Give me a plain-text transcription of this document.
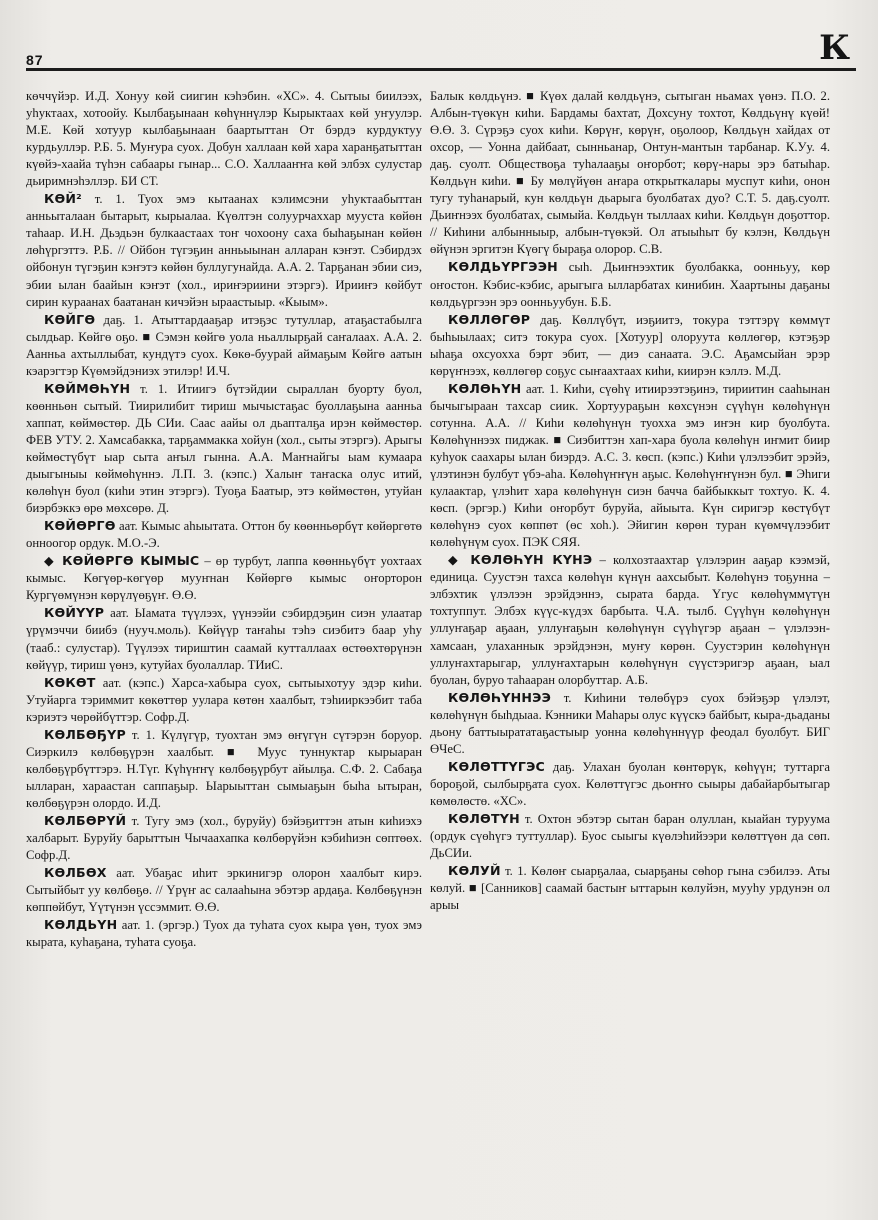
87	К

көччүйэр. И.Д. Хонуу көй сиигин кэһэбин. «ХС». 4. Сытыы биилээх, уһуктаах, хотоойу. Кылбаҕынаан көһүннүлэр Кырыктаах көй уҥуулэр. М.Е. Көй хотуур кылбаҕынаан баартыттан От бэрдэ курдуктуу курдьуллэр. Р.Б. 5. Муҥура суох. Добун халлаан көй хара харанҕатыттан күөйэ-хаайа түһэн сабаары гынар... С.О. Халлааҥҥа көй элбэх сулустар дьиримнэһэллэр. БИ СТ.

КӨЙ² т. 1. Туох эмэ кытаанах кэлимсэни уһуктаабыттан анньыталаан бытарыт, кырыалаа. Күөлтэн солуурчаххар мууста көйөн таһаар. И.Н. Дьэдьэн булкаастаах тоҥ чохоону саха быһаҕынан көйөн лөһүргэттэ. Р.Б. // Ойбон түгэҕин анньыынан алларан кэҥэт. Сэбирдэх ойбонун түгэҕин кэҥэтэ көйөн буллугунайда. А.А. 2. Тарҕанан эбии сиэ, эбии ылан баайын кэҥэт (хол., ириҥэриини этэргэ). Ирииҥэ көйбут сирин кураанах баатанан кичэйэн ыраастыыр. «Кыым».

КӨЙГӨ даҕ. 1. Атыттардааҕар итэҕэс тутуллар, атаҕастабылга сылдьар. Көйгө оҕо. ■ Сэмэн көйгө уола ньаллырҕай саҥалаах. А.А. 2. Аанньа ахтыллыбат, кундүтэ суох. Көкө-буурай аймаҕым Көйгө аатын кэарэгтэр Күөмэйдэниэх этилэр! И.Ч.

КӨЙМӨҺҮН т. 1. Итиигэ бүтэйдии сыраллан буорту буол, көөнньөн сытый. Тиирилибит тириш мычыстаҕас буоллаҕына аанньа хаппат, көймөстөр. ДЬ СИи. Саас аайы ол дьапталҕа ирэн көймөстөр. ФЕВ УТУ. 2. Хамсабакка, тарҕаммакка хойун (хол., сыты этэргэ). Арыгы көймөстүбүт ыар сыта аҥыл гынна. А.А. Маҥнайгы ыам кумаара дыыгыныы көймөһүннэ. Л.П. 3. (кэпс.) Халыҥ таҥаска олус итий, көлөһүн буол (киһи этин этэргэ). Туоҕа Баатыр, этэ көймөстөн, утуйан биэрбэккэ өрө мөхсөрө. Д.

КӨЙӨРГӨ аат. Кымыс аһыытата. Оттон бу көөнньөрбүт көйөргөтө онноогор ордук. М.О.-Э.

◆ КӨЙӨРГӨ КЫМЫС – өр турбут, лаппа көөнньүбүт уохтаах кымыс. Көгүөр-көгүөр мууҥнан Көйөргө кымыс оҥорторон Кургүөмүнэн көрүлүөҕүҥ. Ө.Ө.

КӨЙҮҮР аат. Ыамата түүлээх, үүнээйи сэбирдэҕин сиэн улаатар үрүмэччи биибэ (нууч.моль). Көйүүр таҥаһы тэһэ сиэбитэ баар уһу (тааб.: сулустар). Түүлээх тириштин саамай кутталлаах өстөөхтөрүнэн көйүүр, тириш үөнэ, кутуйах буолаллар. ТИиС.

КӨКӨТ аат. (кэпс.) Харса-хабыра суох, сытыыхотуу эдэр киһи. Утуйарга тэриммит көкөттөр уулара көтөн хаалбыт, тэһииркээбит таба кэриэтэ чөрөйбүттэр. Софр.Д.

КӨЛБӨҔҮР т. 1. Күлүгүр, туохтан эмэ өҥүгүн сүтэрэн боруор. Сиэркилэ көлбөҕүрэн хаалбыт. ■ Муус туннуктар кырыаран көлбөҕүрбүттэрэ. Н.Түг. Күһүҥҥү көлбөҕүрбут айылҕа. С.Ф. 2. Сабаҕа ылларан, хараастан саппаҕыр. Ыарыыттан сымыаҕын быһа ытыран, көлбөҕүрэн олордо. И.Д.

КӨЛБӨРҮЙ т. Тугу эмэ (хол., буруйу) бэйэҕиттэн атын киһиэхэ халбарыт. Буруйу барыттын Чычаахапка көлбөрүйэн кэбиһиэн сөптөөх. Софр.Д.

КӨЛБӨХ аат. Убаҕас иһит эркинигэр олорон хаалбыт кирэ. Сытыйбыт уу көлбөҕө. // Үрүҥ ас салааһына эбэтэр ардаҕа. Көлбөҕүнэн көппөйбут, Үүтүнэн үссэммит. Ө.Ө.

КӨЛДЬҮН аат. 1. (эргэр.) Туох да туһата суох кыра үөн, туох эмэ кырата, куһаҕана, туһата суоҕа.

Балык көлдьүнэ. ■ Күөх далай көлдьүнэ, сытыган ньамах үөнэ. П.О. 2. Албын-түөкүн киһи. Бардамы бахтат, Дохсуну тохтот, Көлдьүнү күөй! Ө.Ө. 3. Сүрэҕэ суох киһи. Көрүҥ, көрүҥ, оҕолоор, Көлдьүн хайдах от охсор, — Уонна дайбаат, сынньанар, Онтун-мантын тарбанар. К.Уу. 4. даҕ. суолт. Обществоҕа туһалааҕы оҥорбот; көрү-нары эрэ батыһар. Көлдьүн киһи. ■ Бу мөлүйүөн аҥара открыткалары муспут киһи, онон тугу туһанарый, кун көлдьүн дьарыга буолбатах дуо? С.Т. 5. даҕ.суолт. Дьиҥнээх буолбатах, сымыйа. Көлдьүн тыллаах киһи. Көлдьүн доҕоттор. // Киһини албынныыр, албын-түөкэй. Ол атыыһыт бу кэлэн, Көлдьүн өйүнэн эргитэн Күөгү быраҕа олорор. С.В.

КӨЛДЬҮРГЭЭН сыһ. Дьиҥнээхтик буолбакка, оонньуу, көр оҥостон. Кэбис-кэбис, арыгыга ылларбатах кинибин. Хаартыны даҕаны көлдьүргээн эрэ оонньуубун. Б.Б.

КӨЛЛӨГӨР даҕ. Көллүбүт, иэҕиитэ, токура тэттэрү көммүт быһыылаах; ситэ токура суох. [Хотуур] олоруута көллөгөр, кэтэҕэр ыһаҕа охсуохха бэрт эбит, — диэ санаата. Э.С. Аҕамсыйан эрэр көрүҥнээх, көллөгөр соҕус сыҥаахтаах киһи, киирэн кэллэ. М.Д.

КӨЛӨҺҮН аат. 1. Киһи, сүөһү итиирээтэҕинэ, тириитин сааһынан бычыгыраан тахсар сиик. Хортуураҕын көхсүнэн сүүһүн көлөһүнүн сотунна. А.А. // Киһи көлөһүнүн туохха эмэ иҥэн кир буолбута. Көлөһүннээх пиджак. ■ Сиэбиттэн хап-хара буола көлөһүн иҥмит биир куһуок саахары ылан биэрдэ. А.С. 3. көсп. (кэпс.) Киһи үлэлээбит эрэйэ, үлэтинэн булбут үбэ-аһа. Көлөһүҥҥүн аҕыс. Көлөһүҥҥүнэн бул. ■ Эһиги кулаактар, үлэһит хара көлөһүнүн сиэн баччa байбыккыт тохтуо. К. 4. көсп. (эргэр.) Киһи оҥорбут буруйа, айыыта. Күн сиригэр көстүбүт көлөһүнэ суох көппөт (өс хоһ.). Эйигин көрөн туран күөмчүлээбит көлөһүнүм суох. ПЭК СЯЯ.

◆ КӨЛӨҺҮН КҮНЭ – колхозтаахтар үлэлэрин ааҕар кээмэй, единица. Суустэн тахса көлөһүн күнүн аахсыбыт. Көлөһүнэ тоҕунна – элбэхтик үлэлээн эрэйдэннэ, сырата барда. Үгус көлөһүммүтүн тохтуппут. Элбэх күүс-күдэх барбыта. Ч.А. тылб. Сүүһүн көлөһүнүн уллуҥаҕар аҕаан, уллуҥаҕын көлөһүнүн сүүһүгэр аҕаан – үлэлээн-хамсаан, улаханнык эрэйдэнэн, муҥу көрөн. Суустэрин көлөһүнүн уллуҥахтарыгар, уллуҥахтарын көлөһүнүн сүүстэригэр аҕаан, ыал буолан, буруо таһааран олорбуттар. А.Б.

КӨЛӨҺҮННЭЭ т. Киһини төлөбүрэ суох бэйэҕэр үлэлэт, көлөһүнүн быһдыаа. Кэнники Маһары олус күүскэ байбыт, кыра-дьаданы дьону баттыырататаҕастыыр уонна көлөһүннүүр феодал буолбут. БИГ ӨЧеС.

КӨЛӨТТҮГЭС даҕ. Улахан буолан көнтөрүк, көһүүн; туттарга бороҕой, сылбырҕата суох. Көлөттүгэс дьоҥҥо сыыры дабайарбытыгар көмөлөстө. «ХС».

КӨЛӨТҮН т. Охтон эбэтэр сытан баран олуллан, кыайан туруума (ордук сүөһүгэ туттуллар). Буос сыыгы күөлэһийээри көлөттүөн да сөп. ДьСИи.

КӨЛУЙ т. 1. Көлөҥ сыарҕалаа, сыарҕаны сөһор гына сэбилээ. Аты көлуй. ■ [Санников] саамай бастыҥ ыттарын көлуйэн, мууһу урдунэн ол арыы
